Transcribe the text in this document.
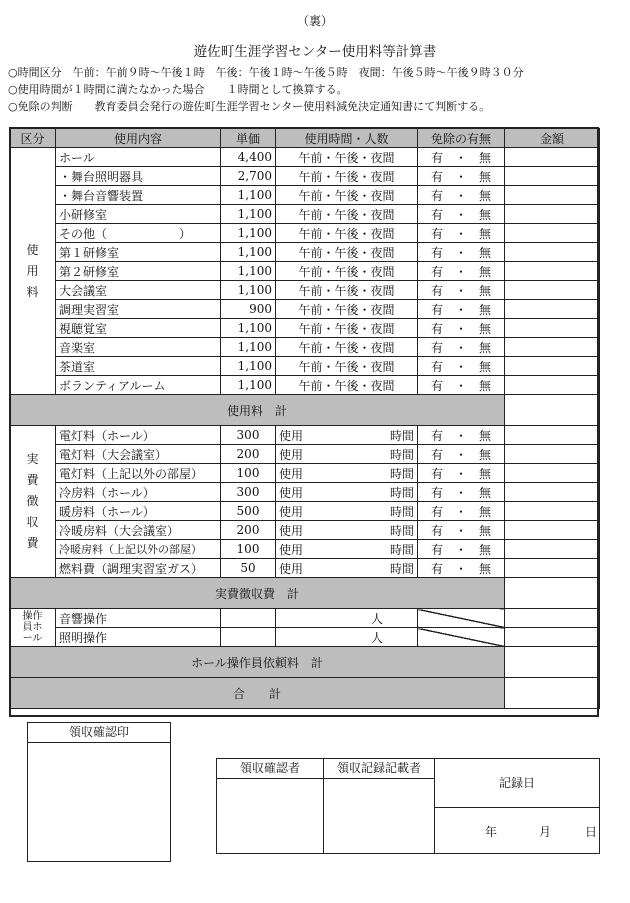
（裏）
遊佐町生涯学習センター使用料等計算書
○時間区分　午前：午前９時〜午後１時　午後：午後１時〜午後５時　夜間：午後５時〜午後９時３０分
○使用時間が１時間に満たなかった場合　　１時間として換算する。
○免除の判断　　教育委員会発行の遊佐町生涯学習センター使用料減免決定通知書にて判断する。
区分	使用内容	単価	使用時間・人数	免除の有無	金額
使用料	ホール	4,400	午前・午後・夜間	有　・　無	
	・舞台照明器具	2,700	午前・午後・夜間	有　・　無	
	・舞台音響装置	1,100	午前・午後・夜間	有　・　無	
	小研修室	1,100	午前・午後・夜間	有　・　無	
	その他（　　　　　　）	1,100	午前・午後・夜間	有　・　無	
	第１研修室	1,100	午前・午後・夜間	有　・　無	
	第２研修室	1,100	午前・午後・夜間	有　・　無	
	大会議室	1,100	午前・午後・夜間	有　・　無	
	調理実習室	900	午前・午後・夜間	有　・　無	
	視聴覚室	1,100	午前・午後・夜間	有　・　無	
	音楽室	1,100	午前・午後・夜間	有　・　無	
	茶道室	1,100	午前・午後・夜間	有　・　無	
	ボランティアルーム	1,100	午前・午後・夜間	有　・　無	
使用料　計					
実費徴収費	電灯料（ホール）	300	使用 時間	有　・　無	
	電灯料（大会議室）	200	使用 時間	有　・　無	
	電灯料（上記以外の部屋）	100	使用 時間	有　・　無	
	冷房料（ホール）	300	使用 時間	有　・　無	
	暖房料（ホール）	500	使用 時間	有　・　無	
	冷暖房料（大会議室）	200	使用 時間	有　・　無	
	冷暖房料（上記以外の部屋）	100	使用 時間	有　・　無	
	燃料費（調理実習室ガス）	50	使用 時間	有　・　無	
実費徴収費　計					
操作員ホール	音響操作		人		
	照明操作		人		
ホール操作員依頼料　計					
合　　計					
領収確認印
領収確認者	領収記録記載者
記録日
年	月	日
